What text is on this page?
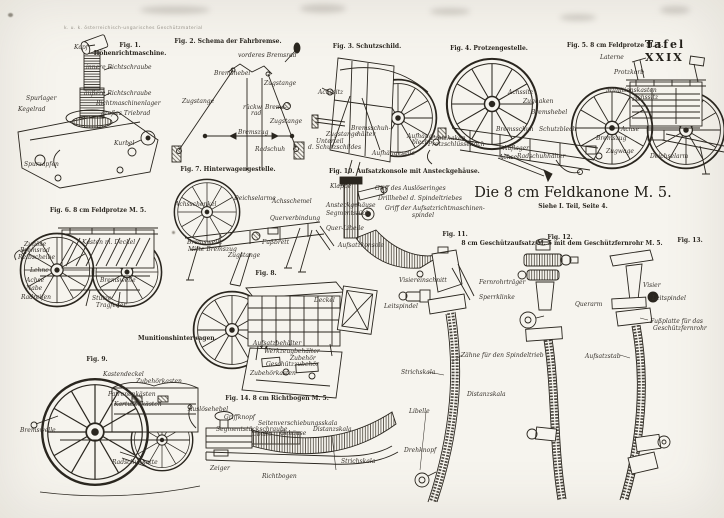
k. u. k. österreichisch-ungarisches Geschützmaterial
Tafel XXIX
Die 8 cm Feldkanone M. 5.
Siehe I. Teil, Seite 4.
8 cm Geschützaufsatz M. 5 mit dem Geschützfernrohr M. 5.
Munitionshinterwagen.
Fig. 1.
Höhenrichtmaschine.
Kopf
innere Richtschraube
äußere Richtschraube
Spurlager
Richtmaschinenlager
Kegelrad
großes Triebrad
Kurbel
Spurzapfen
Fig. 2. Schema der Fahrbremse.
vorderes Bremsrad
Bremshebel
Zugstange
Zugstange
rückw. Brems-
rad
Zugstange
Bremszug
Radschuh
Fig. 3. Schutzschild.
Achssitz
Zugstange
Bremsschuh-
hälter
Unterteil
d. Schutzschildes
Aufhäng-
blech
Aufhängeseile
Fig. 4. Protzengestelle.
Achssitz
Zughaken
Bremshebel
Bremsschuh Schutzblech
Protzhaken
Protzschlüsselloch
Auflager
Achse Radschuhhälter
Fig. 5. 8 cm Feldprotze M. 5.
Laterne
Protzkorb
Munitionskasten
Achssitz
Achse
Bremszug
Zugwage
Deichselarm
Fig. 6. 8 cm Feldprotze M. 5.
Zugöse
Bremsrad
Reibscheibe
Lehne
Achse
Nabe
Radreifen
Kasten m. Deckel
Bremswelle
Stütze
Tragfeder
Fig. 7. Hinterwagengestelle.
Achsschenkel
Deichselarme
Achsschemel
Querverbindung
Bremswelle
Mitte Bremszug
Fußbrett
Zugstange
Fig. 8.
Deckel
Aufsatzbehälter
Werkzeugbehälter
Zubehör
Geschützzubehör
Zubehörkasten
Fig. 9.
Kastendeckel
Zubehörkasten
Patronenkästen
Kartuschkästen
Bremswelle
Radschuhkette
Fig. 10. Aufsatzkonsole mit Ansteckgehäuse.
Klappe	Griff des Auslöseringes
Drillhebel d. Spindeltriebes
Ansteckgehäuse
Segmentstück
Griff der Aufsatzrichtmaschinen-
spindel
Quer-Libelle
Aufsatzkonsole
Fig. 11.
Visiereinschnitt	Fernrohrträger
Sperrklinke
Leitspindel
Zähne für den Spindeltrieb
Strichskala
Distanzskala
Libelle
Drehknopf
Fig. 12.	Fig. 13.
Visier
Leitspindel
Querarm
Fußplatte für das
Geschützfernrohr
Aufsatzstab
Fig. 14. 8 cm Richtbogen M. 5.
Auslösehebel
Griffknopf
Segmentstückschraube
Seitenverschiebungsskala
Libelle Gehäuse
Distanzskala
Strichskala
Zeiger
Richtbogen
